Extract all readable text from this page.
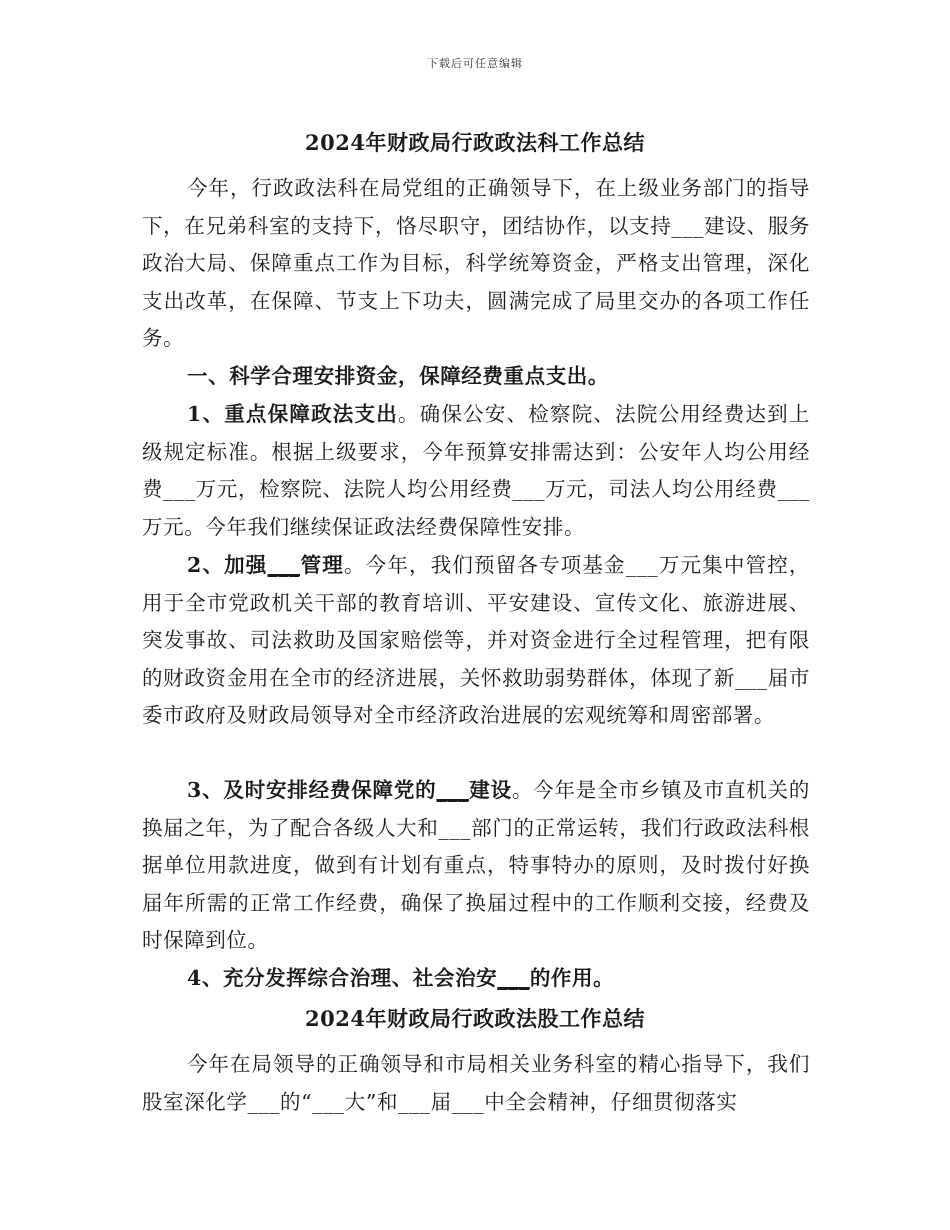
下载后可任意编辑
2024年财政局行政政法科工作总结

今年，行政政法科在局党组的正确领导下，在上级业务部门的指导下，在兄弟科室的支持下，恪尽职守，团结协作，以支持___建设、服务政治大局、保障重点工作为目标，科学统筹资金，严格支出管理，深化支出改革，在保障、节支上下功夫，圆满完成了局里交办的各项工作任务。

一、科学合理安排资金，保障经费重点支出。

1、重点保障政法支出。确保公安、检察院、法院公用经费达到上级规定标准。根据上级要求，今年预算安排需达到：公安年人均公用经费___万元，检察院、法院人均公用经费___万元，司法人均公用经费___万元。今年我们继续保证政法经费保障性安排。

2、加强___管理。今年，我们预留各专项基金___万元集中管控，用于全市党政机关干部的教育培训、平安建设、宣传文化、旅游进展、突发事故、司法救助及国家赔偿等，并对资金进行全过程管理，把有限的财政资金用在全市的经济进展，关怀救助弱势群体，体现了新___届市委市政府及财政局领导对全市经济政治进展的宏观统筹和周密部署。

3、及时安排经费保障党的___建设。今年是全市乡镇及市直机关的换届之年，为了配合各级人大和___部门的正常运转，我们行政政法科根据单位用款进度，做到有计划有重点，特事特办的原则，及时拨付好换届年所需的正常工作经费，确保了换届过程中的工作顺利交接，经费及时保障到位。

4、充分发挥综合治理、社会治安___的作用。

2024年财政局行政政法股工作总结

今年在局领导的正确领导和市局相关业务科室的精心指导下，我们股室深化学___的“___大”和___届___中全会精神，仔细贯彻落实
